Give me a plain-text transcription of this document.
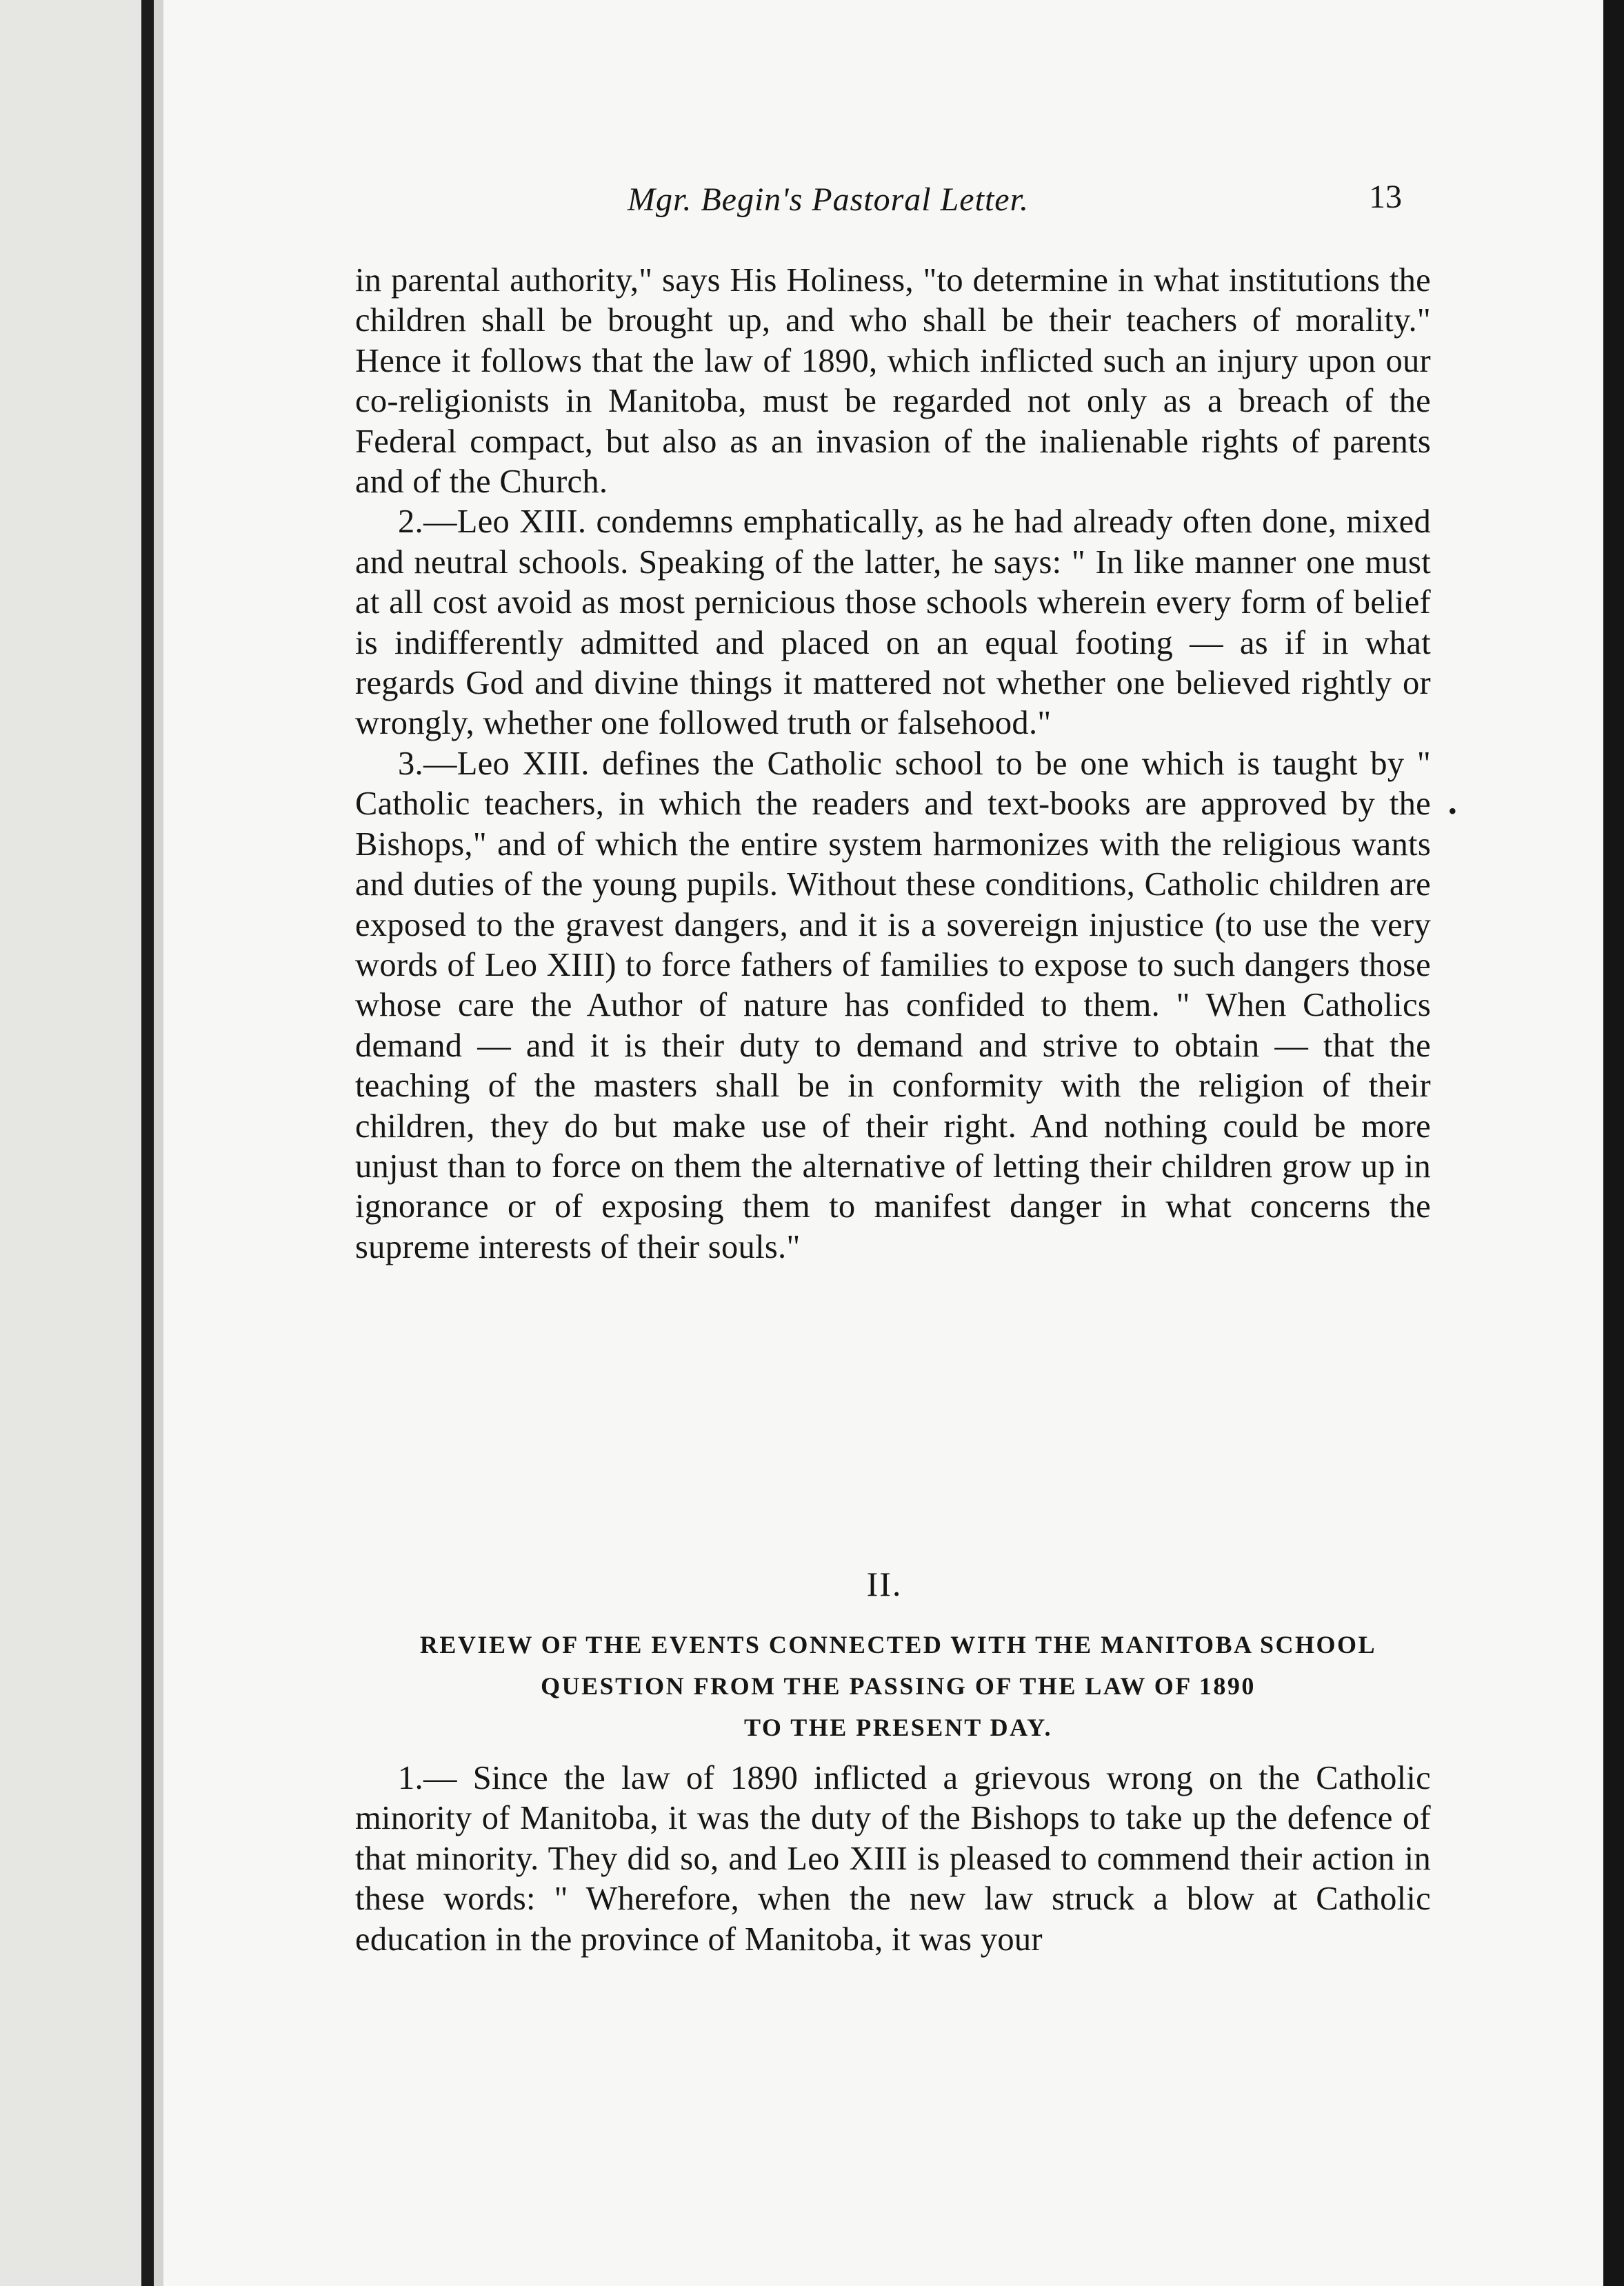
Mgr. Begin's Pastoral Letter.	13
•

in parental authority," says His Holiness, "to determine in what institutions the children shall be brought up, and who shall be their teachers of morality." Hence it follows that the law of 1890, which inflicted such an injury upon our co-religionists in Manitoba, must be regarded not only as a breach of the Federal compact, but also as an invasion of the inalienable rights of parents and of the Church.

2.—Leo XIII. condemns emphatically, as he had already often done, mixed and neutral schools. Speaking of the latter, he says: " In like manner one must at all cost avoid as most pernicious those schools wherein every form of belief is indifferently admitted and placed on an equal footing — as if in what regards God and divine things it mattered not whether one believed rightly or wrongly, whether one followed truth or falsehood."

3.—Leo XIII. defines the Catholic school to be one which is taught by " Catholic teachers, in which the readers and text-books are approved by the Bishops," and of which the entire system harmonizes with the religious wants and duties of the young pupils. Without these conditions, Catholic children are exposed to the gravest dangers, and it is a sovereign injustice (to use the very words of Leo XIII) to force fathers of families to expose to such dangers those whose care the Author of nature has confided to them. " When Catholics demand — and it is their duty to demand and strive to obtain — that the teaching of the masters shall be in conformity with the religion of their children, they do but make use of their right. And nothing could be more unjust than to force on them the alternative of letting their children grow up in ignorance or of exposing them to manifest danger in what concerns the supreme interests of their souls."

II.
REVIEW OF THE EVENTS CONNECTED WITH THE MANITOBA SCHOOL
QUESTION FROM THE PASSING OF THE LAW OF 1890
TO THE PRESENT DAY.

1.— Since the law of 1890 inflicted a grievous wrong on the Catholic minority of Manitoba, it was the duty of the Bishops to take up the defence of that minority. They did so, and Leo XIII is pleased to commend their action in these words: " Wherefore, when the new law struck a blow at Catholic education in the province of Manitoba, it was your
